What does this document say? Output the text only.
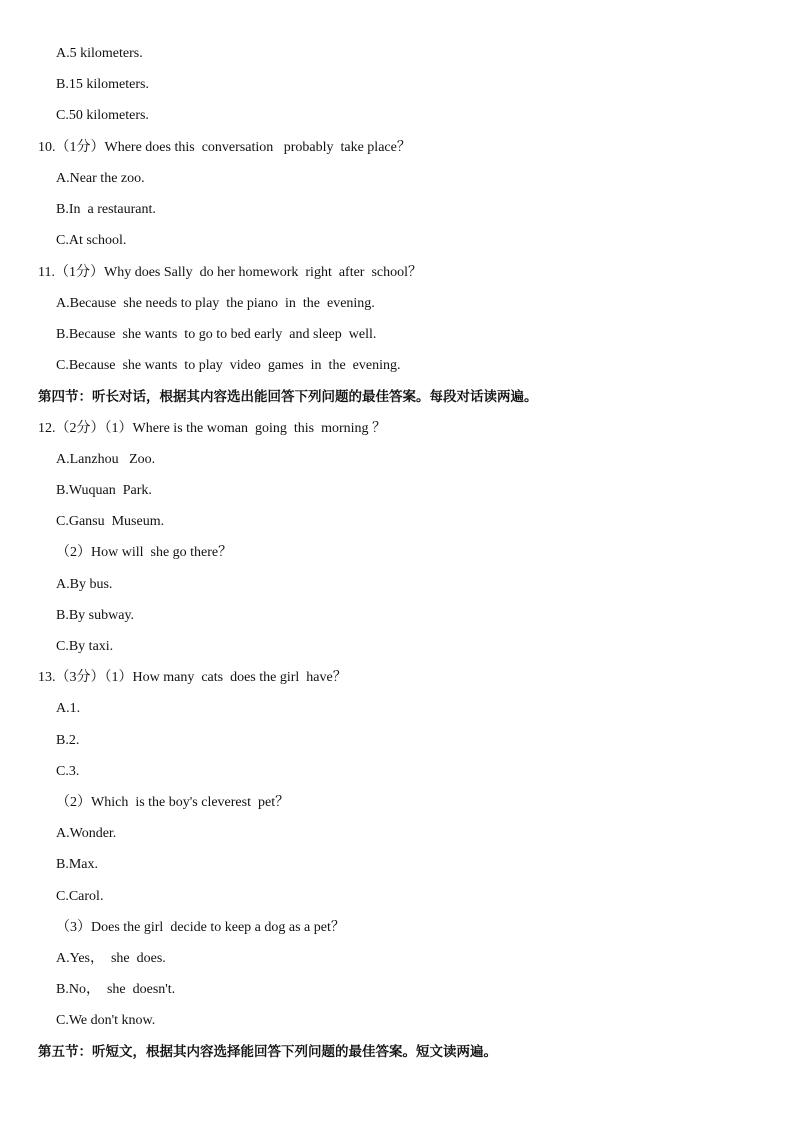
A.5 kilometers.
B.15 kilometers.
C.50 kilometers.
10.（1分）Where does this  conversation   probably  take place？
A.Near the zoo.
B.In  a restaurant.
C.At school.
11.（1分）Why does Sally  do her homework  right  after  school？
A.Because  she needs to play  the piano  in  the  evening.
B.Because  she wants  to go to bed early  and sleep  well.
C.Because  she wants  to play  video  games  in  the  evening.
第四节：听长对话，根据其内容选出能回答下列问题的最佳答案。每段对话读两遍。
12.（2分）（1）Where is the woman  going  this  morning ？
A.Lanzhou   Zoo.
B.Wuquan  Park.
C.Gansu  Museum.
（2）How will  she go there？
A.By bus.
B.By subway.
C.By taxi.
13.（3分）（1）How many  cats  does the girl  have？
A.1.
B.2.
C.3.
（2）Which  is the boy's cleverest  pet？
A.Wonder.
B.Max.
C.Carol.
（3）Does the girl  decide to keep a dog as a pet？
A.Yes，  she  does.
B.No，  she  doesn't.
C.We don't know.
第五节：听短文，根据其内容选择能回答下列问题的最佳答案。短文读两遍。
